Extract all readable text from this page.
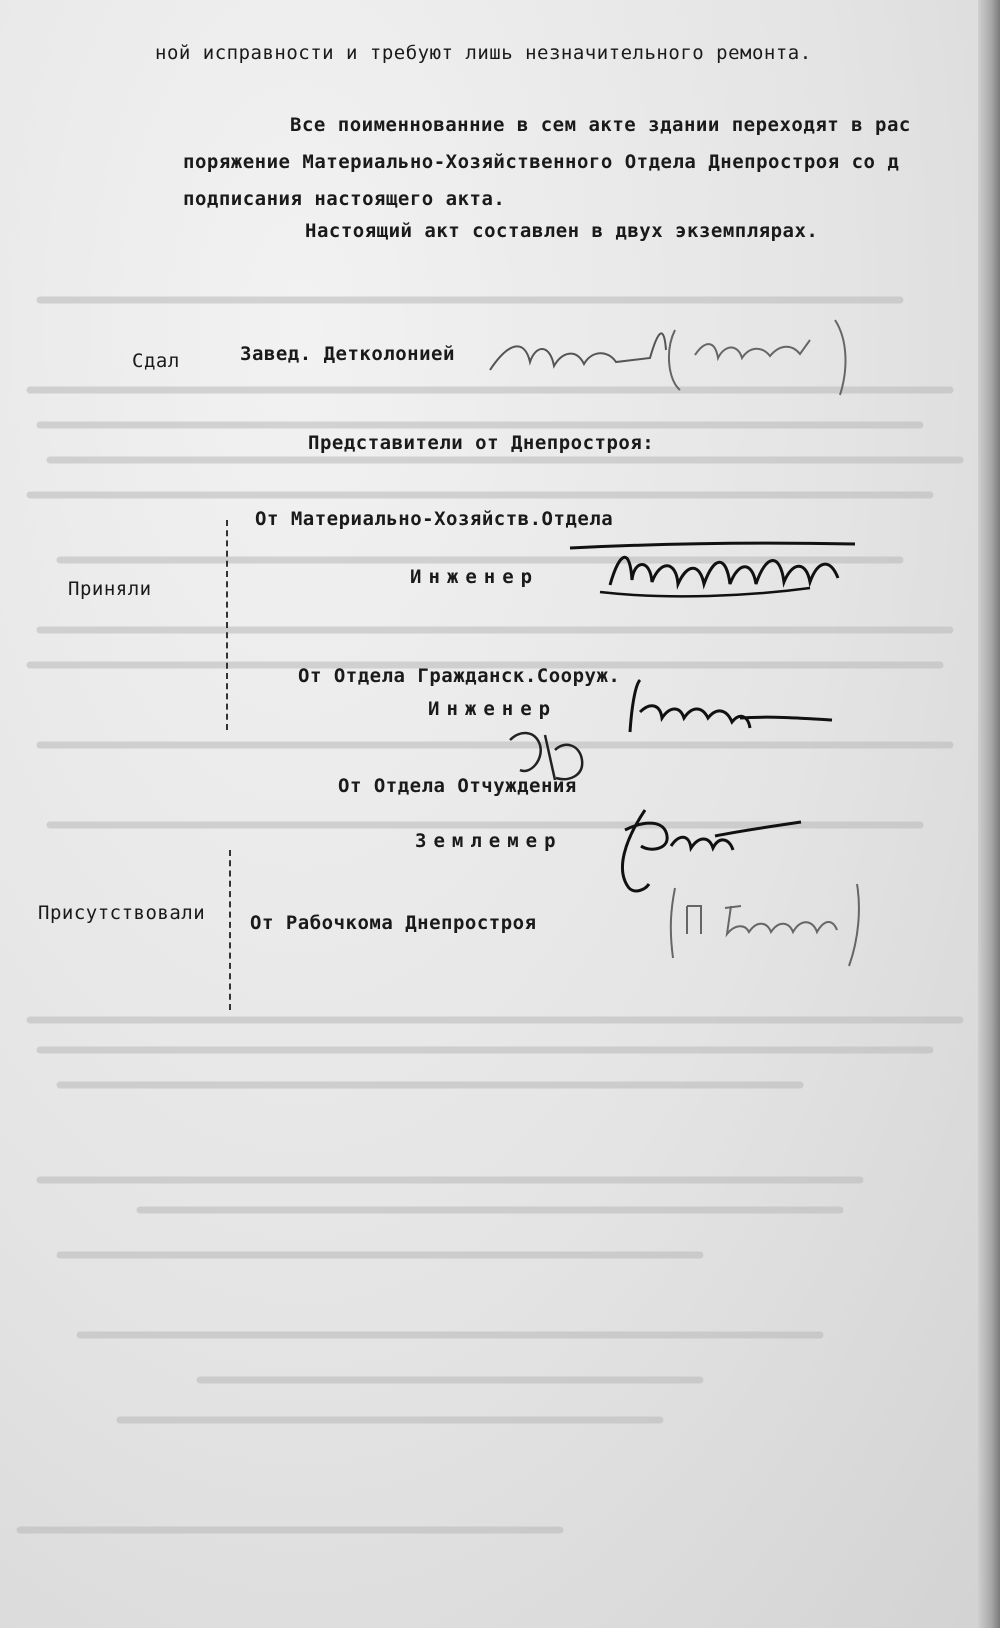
ной исправности и требуют лишь незначительного ремонта.
Все поименнованние в сем акте здании переходят в рас
поряжение Материально-Хозяйственного Отдела Днепростроя со д
подписания настоящего акта.
Настоящий акт составлен в двух экземплярах.
Сдал	Завед. Детколонией
Представители от Днепростроя:
Приняли
От Материально-Хозяйств.Отдела
Инженер
От Отдела Гражданск.Сооруж.
Инженер
От Отдела Отчуждения
Землемер
Присутствовали От Рабочкома Днепростроя
